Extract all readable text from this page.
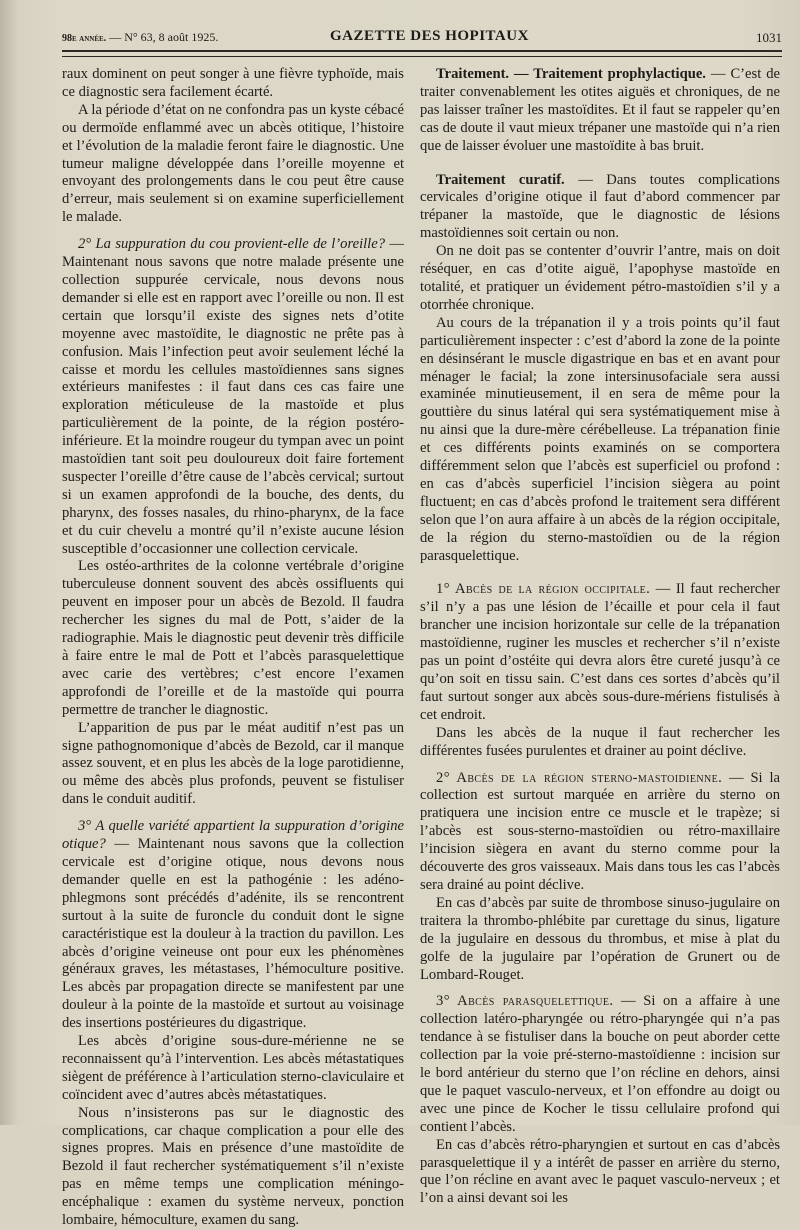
98e année. — N° 63, 8 août 1925.	GAZETTE DES HOPITAUX	1031

raux dominent on peut songer à une fièvre typhoïde, mais ce diagnostic sera facilement écarté.

A la période d’état on ne confondra pas un kyste cébacé ou dermoïde enflammé avec un abcès otitique, l’histoire et l’évolution de la maladie feront faire le diagnostic. Une tumeur maligne développée dans l’oreille moyenne et envoyant des prolongements dans le cou peut être cause d’erreur, mais seulement si on examine superficiellement le malade.

2° La suppuration du cou provient-elle de l’oreille? — Maintenant nous savons que notre malade présente une collection suppurée cervicale, nous devons nous demander si elle est en rapport avec l’oreille ou non. Il est certain que lorsqu’il existe des signes nets d’otite moyenne avec mastoïdite, le diagnostic ne prête pas à confusion. Mais l’infection peut avoir seulement léché la caisse et mordu les cellules mastoïdiennes sans signes extérieurs manifestes : il faut dans ces cas faire une exploration méticuleuse de la mastoïde et plus particulièrement de la pointe, de la région postéro-inférieure. Et la moindre rougeur du tympan avec un point mastoïdien tant soit peu douloureux doit faire fortement suspecter l’oreille d’être cause de l’abcès cervical; surtout si un examen approfondi de la bouche, des dents, du pharynx, des fosses nasales, du rhino-pharynx, de la face et du cuir chevelu a montré qu’il n’existe aucune lésion susceptible d’occasionner une collection cervicale.

Les ostéo-arthrites de la colonne vertébrale d’origine tuberculeuse donnent souvent des abcès ossifluents qui peuvent en imposer pour un abcès de Bezold. Il faudra rechercher les signes du mal de Pott, s’aider de la radiographie. Mais le diagnostic peut devenir très difficile à faire entre le mal de Pott et l’abcès parasquelettique avec carie des vertèbres; c’est encore l’examen approfondi de l’oreille et de la mastoïde qui pourra permettre de trancher le diagnostic.

L’apparition de pus par le méat auditif n’est pas un signe pathognomonique d’abcès de Bezold, car il manque assez souvent, et en plus les abcès de la loge parotidienne, ou même des abcès plus profonds, peuvent se fistuliser dans le conduit auditif.

3° A quelle variété appartient la suppuration d’origine otique? — Maintenant nous savons que la collection cervicale est d’origine otique, nous devons nous demander quelle en est la pathogénie : les adéno-phlegmons sont précédés d’adénite, ils se rencontrent surtout à la suite de furoncle du conduit dont le signe caractéristique est la douleur à la traction du pavillon. Les abcès d’origine veineuse ont pour eux les phénomènes généraux graves, les métastases, l’hémoculture positive. Les abcès par propagation directe se manifestent par une douleur à la pointe de la mastoïde et surtout au voisinage des insertions postérieures du digastrique.

Les abcès d’origine sous-dure-mérienne ne se reconnaissent qu’à l’intervention. Les abcès métastatiques siègent de préférence à l’articulation sterno-claviculaire et coïncident avec d’autres abcès métastatiques.

Nous n’insisterons pas sur le diagnostic des complications, car chaque complication a pour elle des signes propres. Mais en présence d’une mastoïdite de Bezold il faut rechercher systématiquement s’il n’existe pas en même temps une complication méningo-encéphalique : examen du système nerveux, ponction lombaire, hémoculture, examen du sang.

Traitement. — Traitement prophylactique. — C’est de traiter convenablement les otites aiguës et chroniques, de ne pas laisser traîner les mastoïdites. Et il faut se rappeler qu’en cas de doute il vaut mieux trépaner une mastoïde qui n’a rien que de laisser évoluer une mastoïdite à bas bruit.

Traitement curatif. — Dans toutes complications cervicales d’origine otique il faut d’abord commencer par trépaner la mastoïde, que le diagnostic de lésions mastoïdiennes soit certain ou non.

On ne doit pas se contenter d’ouvrir l’antre, mais on doit réséquer, en cas d’otite aiguë, l’apophyse mastoïde en totalité, et pratiquer un évidement pétro-mastoïdien s’il y a otorrhée chronique.

Au cours de la trépanation il y a trois points qu’il faut particulièrement inspecter : c’est d’abord la zone de la pointe en désinsérant le muscle digastrique en bas et en avant pour ménager le facial; la zone intersinusofaciale sera aussi examinée minutieusement, il en sera de même pour la gouttière du sinus latéral qui sera systématiquement mise à nu ainsi que la dure-mère cérébelleuse. La trépanation finie et ces différents points examinés on se comportera différemment selon que l’abcès est superficiel ou profond : en cas d’abcès superficiel l’incision siègera au point fluctuent; en cas d’abcès profond le traitement sera différent selon que l’on aura affaire à un abcès de la région occipitale, de la région du sterno-mastoïdien ou de la région parasquelettique.

1° Abcès de la région occipitale. — Il faut rechercher s’il n’y a pas une lésion de l’écaille et pour cela il faut brancher une incision horizontale sur celle de la trépanation mastoïdienne, ruginer les muscles et rechercher s’il n’existe pas un point d’ostéite qui devra alors être cureté jusqu’à ce qu’on soit en tissu sain. C’est dans ces sortes d’abcès qu’il faut surtout songer aux abcès sous-dure-mériens fistulisés à cet endroit.

Dans les abcès de la nuque il faut rechercher les différentes fusées purulentes et drainer au point déclive.

2° Abcès de la région sterno-mastoidienne. — Si la collection est surtout marquée en arrière du sterno on pratiquera une incision entre ce muscle et le trapèze; si l’abcès est sous-sterno-mastoïdien ou rétro-maxillaire l’incision siègera en avant du sterno comme pour la découverte des gros vaisseaux. Mais dans tous les cas l’abcès sera drainé au point déclive.

En cas d’abcès par suite de thrombose sinuso-jugulaire on traitera la thrombo-phlébite par curettage du sinus, ligature de la jugulaire en dessous du thrombus, et mise à plat du golfe de la jugulaire par l’opération de Grunert ou de Lombard-Rouget.

3° Abcès parasquelettique. — Si on a affaire à une collection latéro-pharyngée ou rétro-pharyngée qui n’a pas tendance à se fistuliser dans la bouche on peut aborder cette collection par la voie pré-sterno-mastoïdienne : incision sur le bord antérieur du sterno que l’on récline en dehors, ainsi que le paquet vasculo-nerveux, et l’on effondre au doigt ou avec une pince de Kocher le tissu cellulaire profond qui contient l’abcès.

En cas d’abcès rétro-pharyngien et surtout en cas d’abcès parasquelettique il y a intérêt de passer en arrière du sterno, que l’on récline en avant avec le paquet vasculo-nerveux ; et l’on a ainsi devant soi les
